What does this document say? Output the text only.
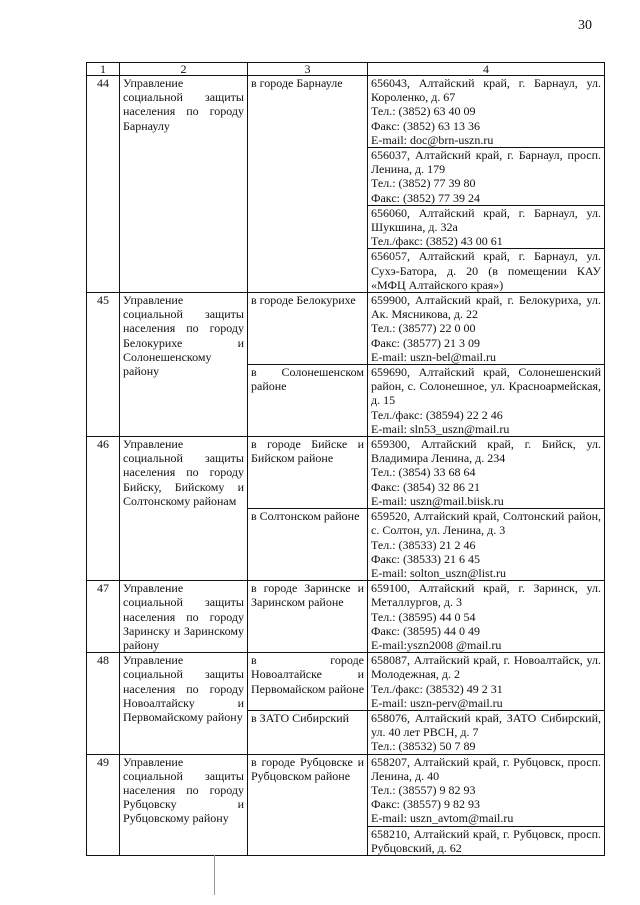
30
1	2	3	4
44	Управление социальной защиты населения по городу Барнаулу	в городе Барнауле	656043, Алтайский край, г. Барнаул, ул. Короленко, д. 67
Тел.: (3852) 63 40 09
Факс: (3852) 63 13 36
E-mail: doc@brn-uszn.ru

			656037, Алтайский край, г. Барнаул, просп. Ленина, д. 179
Тел.: (3852) 77 39 80
Факс: (3852) 77 39 24

			656060, Алтайский край, г. Барнаул, ул. Шукшина, д. 32а
Тел./факс: (3852) 43 00 61

			656057, Алтайский край, г. Барнаул, ул. Сухэ-Батора, д. 20 (в помещении КАУ «МФЦ Алтайского края»)

45	Управление социальной защиты населения по городу Белокурихе и Солонешенскому району	в городе Белокурихе	659900, Алтайский край, г. Белокуриха, ул. Ак. Мясникова, д. 22
Тел.: (38577) 22 0 00
Факс: (38577) 21 3 09
E-mail: uszn-bel@mail.ru

		в Солонешенском районе	659690, Алтайский край, Солонешенский район, с. Солонешное, ул. Красноармейская, д. 15
Тел./факс: (38594) 22 2 46
E-mail: sln53_uszn@mail.ru

46	Управление социальной защиты населения по городу Бийску, Бийскому и Солтонскому районам	в городе Бийске и Бийском районе	659300, Алтайский край, г. Бийск, ул. Владимира Ленина, д. 234
Тел.: (3854) 33 68 64
Факс: (3854) 32 86 21
E-mail: uszn@mail.biisk.ru

		в Солтонском районе	659520, Алтайский край, Солтонский район, с. Солтон, ул. Ленина, д. 3
Тел.: (38533) 21 2 46
Факс: (38533) 21 6 45
E-mail: solton_uszn@list.ru

47	Управление социальной защиты населения по городу Заринску и Заринскому району	в городе Заринске и Заринском районе	659100, Алтайский край, г. Заринск, ул. Металлургов, д. 3
Тел.: (38595) 44 0 54
Факс: (38595) 44 0 49
E-mail:yszn2008 @mail.ru

48	Управление социальной защиты населения по городу Новоалтайску и Первомайскому району	в городе Новоалтайске и Первомайском районе	658087, Алтайский край, г. Новоалтайск, ул. Молодежная, д. 2
Тел./факс: (38532) 49 2 31
E-mail: uszn-perv@mail.ru

		в ЗАТО Сибирский	658076, Алтайский край, ЗАТО Сибирский, ул. 40 лет РВСН, д. 7
Тел.: (38532) 50 7 89

49	Управление социальной защиты населения по городу Рубцовску и Рубцовскому району	в городе Рубцовске и Рубцовском районе	658207, Алтайский край, г. Рубцовск, просп. Ленина, д. 40
Тел.: (38557) 9 82 93
Факс: (38557) 9 82 93
E-mail: uszn_avtom@mail.ru

			658210, Алтайский край, г. Рубцовск, просп. Рубцовский, д. 62
